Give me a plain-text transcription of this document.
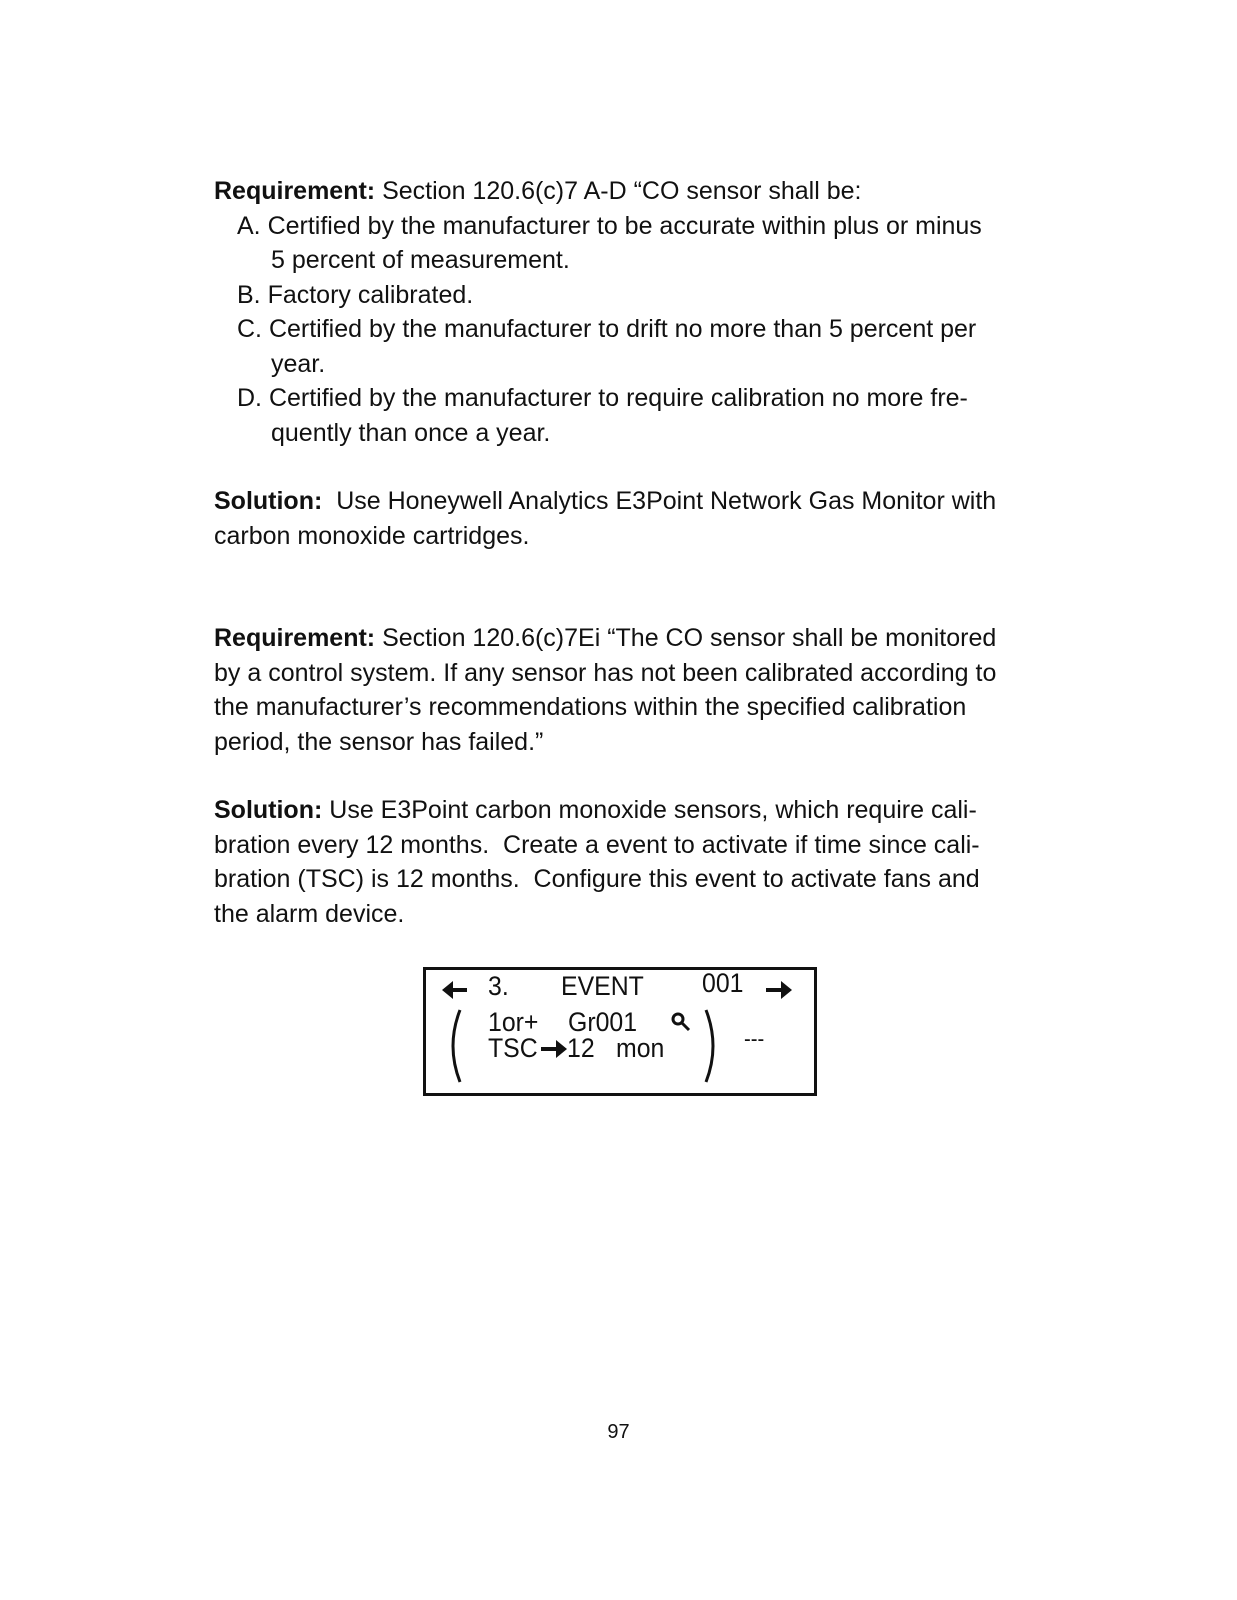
Requirement: Section 120.6(c)7 A-D “CO sensor shall be:
A. Certified by the manufacturer to be accurate within plus or minus
5 percent of measurement.
B. Factory calibrated.
C. Certified by the manufacturer to drift no more than 5 percent per
year.
D. Certified by the manufacturer to require calibration no more fre-
quently than once a year.
Solution:  Use Honeywell Analytics E3Point Network Gas Monitor with
carbon monoxide cartridges.
Requirement: Section 120.6(c)7Ei “The CO sensor shall be monitored
by a control system. If any sensor has not been calibrated according to
the manufacturer’s recommendations within the specified calibration
period, the sensor has failed.”
Solution: Use E3Point carbon monoxide sensors, which require cali-
bration every 12 months.  Create a event to activate if time since cali-
bration (TSC) is 12 months.  Configure this event to activate fans and
the alarm device.
3. EVENT 001
1or+ Gr001
---
TSC 12 mon
97
